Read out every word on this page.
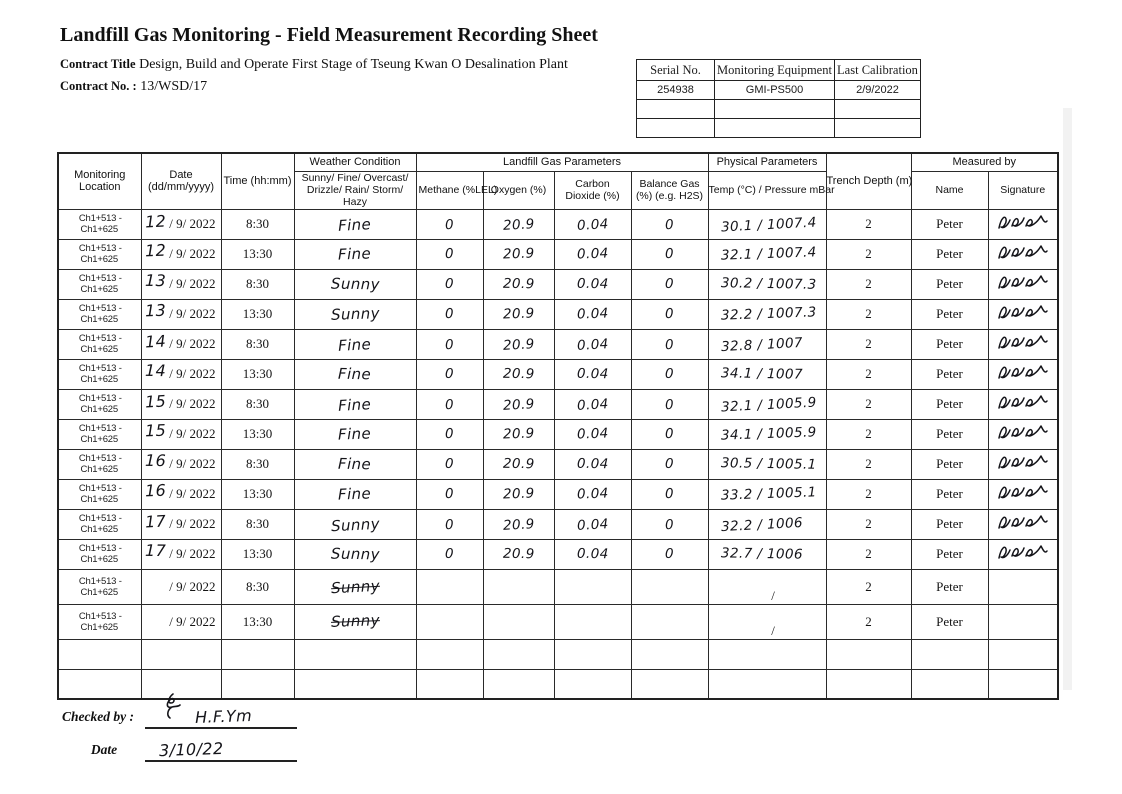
Landfill Gas Monitoring - Field Measurement Recording Sheet
Contract Title Design, Build and Operate First Stage of Tseung Kwan O Desalination Plant
Contract No. : 13/WSD/17
Serial No.	Monitoring Equipment	Last Calibration
254938	GMI-PS500	2/9/2022

Monitoring Location	Date (dd/mm/yyyy)	Time (hh:mm)	Weather Condition	Landfill Gas Parameters				Physical Parameters	Trench Depth (m)	Measured by	
			Sunny/ Fine/ Overcast/ Drizzle/ Rain/ Storm/ Hazy	Methane (%LEL)	Oxygen (%)	Carbon Dioxide (%)	Balance Gas (%) (e.g. H2S)	Temp (°C) / Pressure mBar		Name	Signature
Ch1+513 - Ch1+625	12 / 9/ 2022	8:30	Fine	0	20.9	0.04	0	30.1 / 1007.4	2	Peter	
Ch1+513 - Ch1+625	12 / 9/ 2022	13:30	Fine	0	20.9	0.04	0	32.1 / 1007.4	2	Peter	
Ch1+513 - Ch1+625	13 / 9/ 2022	8:30	Sunny	0	20.9	0.04	0	30.2 / 1007.3	2	Peter	
Ch1+513 - Ch1+625	13 / 9/ 2022	13:30	Sunny	0	20.9	0.04	0	32.2 / 1007.3	2	Peter	
Ch1+513 - Ch1+625	14 / 9/ 2022	8:30	Fine	0	20.9	0.04	0	32.8 / 1007	2	Peter	
Ch1+513 - Ch1+625	14 / 9/ 2022	13:30	Fine	0	20.9	0.04	0	34.1 / 1007	2	Peter	
Ch1+513 - Ch1+625	15 / 9/ 2022	8:30	Fine	0	20.9	0.04	0	32.1 / 1005.9	2	Peter	
Ch1+513 - Ch1+625	15 / 9/ 2022	13:30	Fine	0	20.9	0.04	0	34.1 / 1005.9	2	Peter	
Ch1+513 - Ch1+625	16 / 9/ 2022	8:30	Fine	0	20.9	0.04	0	30.5 / 1005.1	2	Peter	
Ch1+513 - Ch1+625	16 / 9/ 2022	13:30	Fine	0	20.9	0.04	0	33.2 / 1005.1	2	Peter	
Ch1+513 - Ch1+625	17 / 9/ 2022	8:30	Sunny	0	20.9	0.04	0	32.2 / 1006	2	Peter	
Ch1+513 - Ch1+625	17 / 9/ 2022	13:30	Sunny	0	20.9	0.04	0	32.7 / 1006	2	Peter	
Ch1+513 - Ch1+625	/ 9/ 2022	8:30	Sunny					/	2	Peter	
Ch1+513 - Ch1+625	/ 9/ 2022	13:30	Sunny					/	2	Peter	

Checked by :	H.F.Ym
Date	3/10/22
